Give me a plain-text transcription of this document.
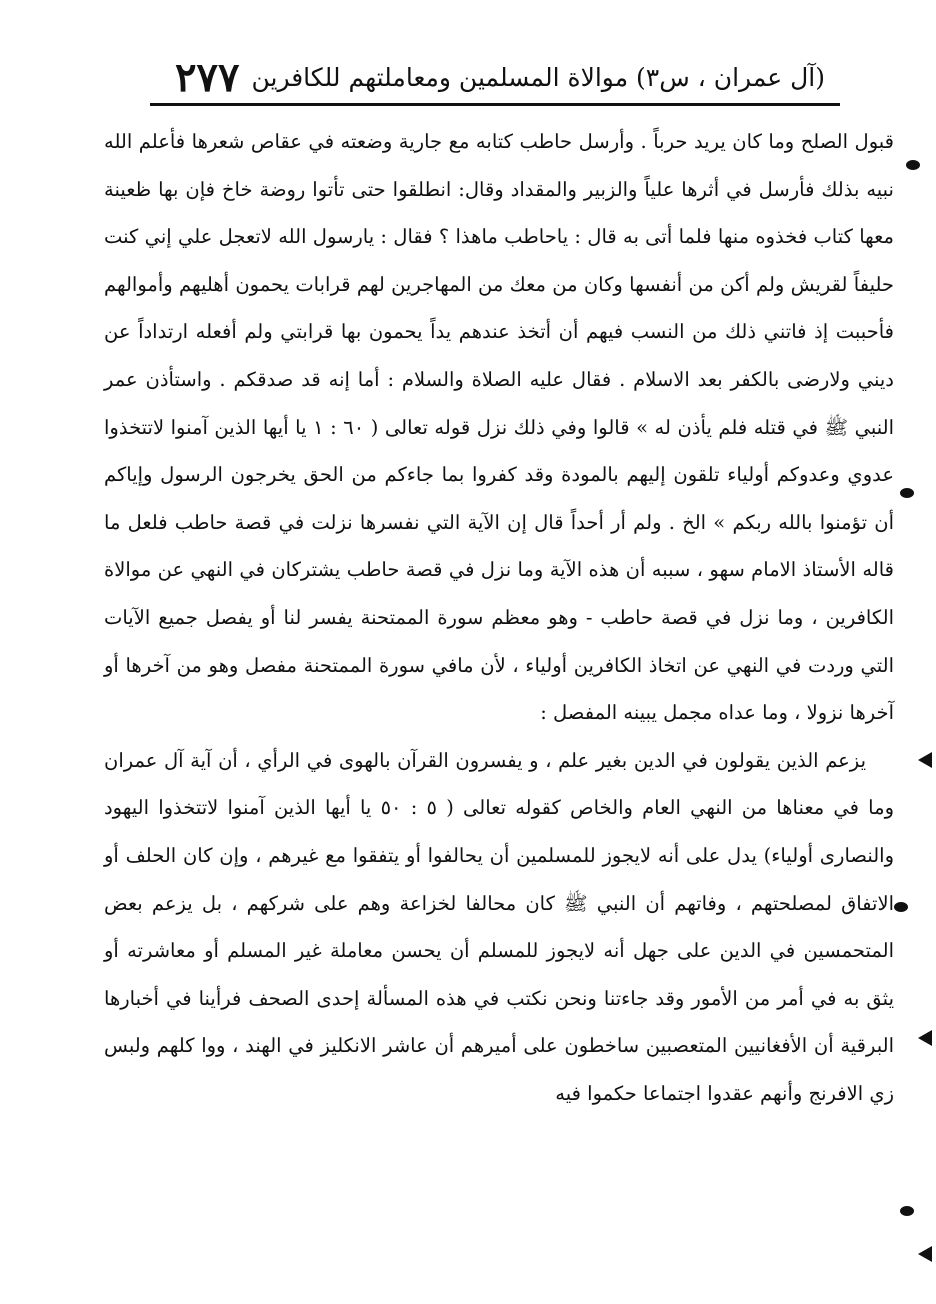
٢٧٧ (آل عمران ، س٣) موالاة المسلمين ومعاملتهم للكافرين

قبول الصلح وما كان يريد حرباً . وأرسل حاطب كتابه مع جارية وضعته في عقاص شعرها فأعلم الله نبيه بذلك فأرسل في أثرها علياً والزبير والمقداد وقال: انطلقوا حتى تأتوا روضة خاخ فإن بها ظعينة معها كتاب فخذوه منها فلما أتى به قال : ياحاطب ماهذا ؟ فقال : يارسول الله لاتعجل علي إني كنت حليفاً لقريش ولم أكن من أنفسها وكان من معك من المهاجرين لهم قرابات يحمون أهليهم وأموالهم فأحببت إذ فاتني ذلك من النسب فيهم أن أتخذ عندهم يداً يحمون بها قرابتي ولم أفعله ارتداداً عن ديني ولارضى بالكفر بعد الاسلام . فقال عليه الصلاة والسلام : أما إنه قد صدقكم . واستأذن عمر النبي ﷺ في قتله فلم يأذن له » قالوا وفي ذلك نزل قوله تعالى ( ٦٠ : ١ يا أيها الذين آمنوا لاتتخذوا عدوي وعدوكم أولياء تلقون إليهم بالمودة وقد كفروا بما جاءكم من الحق يخرجون الرسول وإياكم أن تؤمنوا بالله ربكم » الخ . ولم أر أحداً قال إن الآية التي نفسرها نزلت في قصة حاطب فلعل ما قاله الأستاذ الامام سهو ، سببه أن هذه الآية وما نزل في قصة حاطب يشتركان في النهي عن موالاة الكافرين ، وما نزل في قصة حاطب - وهو معظم سورة الممتحنة يفسر لنا أو يفصل جميع الآيات التي وردت في النهي عن اتخاذ الكافرين أولياء ، لأن مافي سورة الممتحنة مفصل وهو من آخرها أو آخرها نزولا ، وما عداه مجمل يبينه المفصل :

يزعم الذين يقولون في الدين بغير علم ، و يفسرون القرآن بالهوى في الرأي ، أن آية آل عمران وما في معناها من النهي العام والخاص كقوله تعالى ( ٥ : ٥٠ يا أيها الذين آمنوا لاتتخذوا اليهود والنصارى أولياء) يدل على أنه لايجوز للمسلمين أن يحالفوا أو يتفقوا مع غيرهم ، وإن كان الحلف أو الاتفاق لمصلحتهم ، وفاتهم أن النبي ﷺ كان محالفا لخزاعة وهم على شركهم ، بل يزعم بعض المتحمسين في الدين على جهل أنه لايجوز للمسلم أن يحسن معاملة غير المسلم أو معاشرته أو يثق به في أمر من الأمور وقد جاءتنا ونحن نكتب في هذه المسألة إحدى الصحف فرأينا في أخبارها البرقية أن الأفغانيين المتعصبين ساخطون على أميرهم أن عاشر الانكليز في الهند ، ووا كلهم ولبس زي الافرنج وأنهم عقدوا اجتماعا حكموا فيه
